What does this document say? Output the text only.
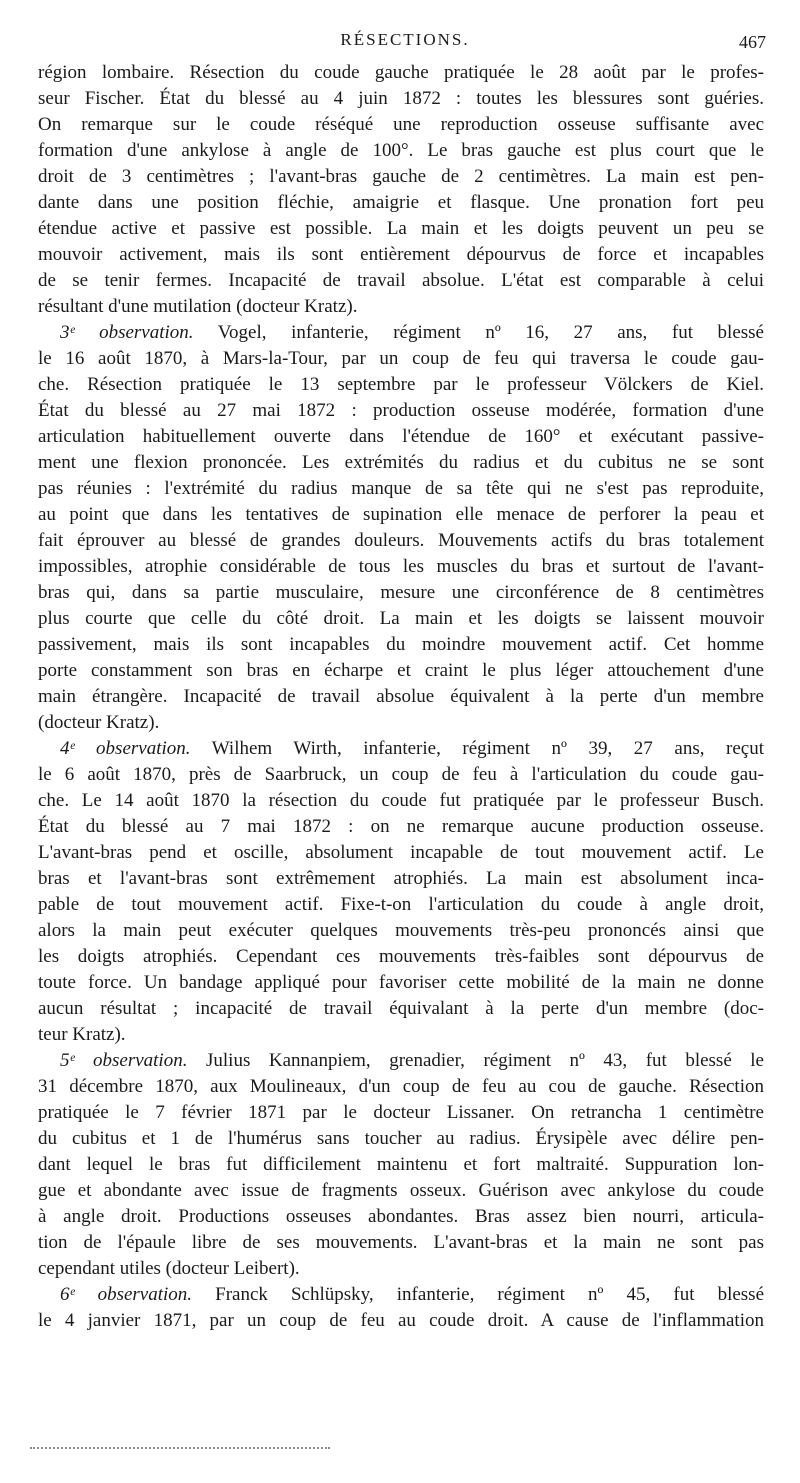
RÉSECTIONS.	467
région lombaire. Résection du coude gauche pratiquée le 28 août par le profes-
seur Fischer. État du blessé au 4 juin 1872 : toutes les blessures sont guéries.
On remarque sur le coude réséqué une reproduction osseuse suffisante avec
formation d'une ankylose à angle de 100°. Le bras gauche est plus court que le
droit de 3 centimètres ; l'avant-bras gauche de 2 centimètres. La main est pen-
dante dans une position fléchie, amaigrie et flasque. Une pronation fort peu
étendue active et passive est possible. La main et les doigts peuvent un peu se
mouvoir activement, mais ils sont entièrement dépourvus de force et incapables
de se tenir fermes. Incapacité de travail absolue. L'état est comparable à celui
résultant d'une mutilation (docteur Kratz).
3ᵉ observation. Vogel, infanterie, régiment nº 16, 27 ans, fut blessé
le 16 août 1870, à Mars-la-Tour, par un coup de feu qui traversa le coude gau-
che. Résection pratiquée le 13 septembre par le professeur Völckers de Kiel.
État du blessé au 27 mai 1872 : production osseuse modérée, formation d'une
articulation habituellement ouverte dans l'étendue de 160° et exécutant passive-
ment une flexion prononcée. Les extrémités du radius et du cubitus ne se sont
pas réunies : l'extrémité du radius manque de sa tête qui ne s'est pas reproduite,
au point que dans les tentatives de supination elle menace de perforer la peau et
fait éprouver au blessé de grandes douleurs. Mouvements actifs du bras totalement
impossibles, atrophie considérable de tous les muscles du bras et surtout de l'avant-
bras qui, dans sa partie musculaire, mesure une circonférence de 8 centimètres
plus courte que celle du côté droit. La main et les doigts se laissent mouvoir
passivement, mais ils sont incapables du moindre mouvement actif. Cet homme
porte constamment son bras en écharpe et craint le plus léger attouchement d'une
main étrangère. Incapacité de travail absolue équivalent à la perte d'un membre
(docteur Kratz).
4ᵉ observation. Wilhem Wirth, infanterie, régiment nº 39, 27 ans, reçut
le 6 août 1870, près de Saarbruck, un coup de feu à l'articulation du coude gau-
che. Le 14 août 1870 la résection du coude fut pratiquée par le professeur Busch.
État du blessé au 7 mai 1872 : on ne remarque aucune production osseuse.
L'avant-bras pend et oscille, absolument incapable de tout mouvement actif. Le
bras et l'avant-bras sont extrêmement atrophiés. La main est absolument inca-
pable de tout mouvement actif. Fixe-t-on l'articulation du coude à angle droit,
alors la main peut exécuter quelques mouvements très-peu prononcés ainsi que
les doigts atrophiés. Cependant ces mouvements très-faibles sont dépourvus de
toute force. Un bandage appliqué pour favoriser cette mobilité de la main ne donne
aucun résultat ; incapacité de travail équivalant à la perte d'un membre (doc-
teur Kratz).
5ᵉ observation. Julius Kannanpiem, grenadier, régiment nº 43, fut blessé le
31 décembre 1870, aux Moulineaux, d'un coup de feu au cou de gauche. Résection
pratiquée le 7 février 1871 par le docteur Lissaner. On retrancha 1 centimètre
du cubitus et 1 de l'humérus sans toucher au radius. Érysipèle avec délire pen-
dant lequel le bras fut difficilement maintenu et fort maltraité. Suppuration lon-
gue et abondante avec issue de fragments osseux. Guérison avec ankylose du coude
à angle droit. Productions osseuses abondantes. Bras assez bien nourri, articula-
tion de l'épaule libre de ses mouvements. L'avant-bras et la main ne sont pas
cependant utiles (docteur Leibert).
6ᵉ observation. Franck Schlüpsky, infanterie, régiment nº 45, fut blessé
le 4 janvier 1871, par un coup de feu au coude droit. A cause de l'inflammation
